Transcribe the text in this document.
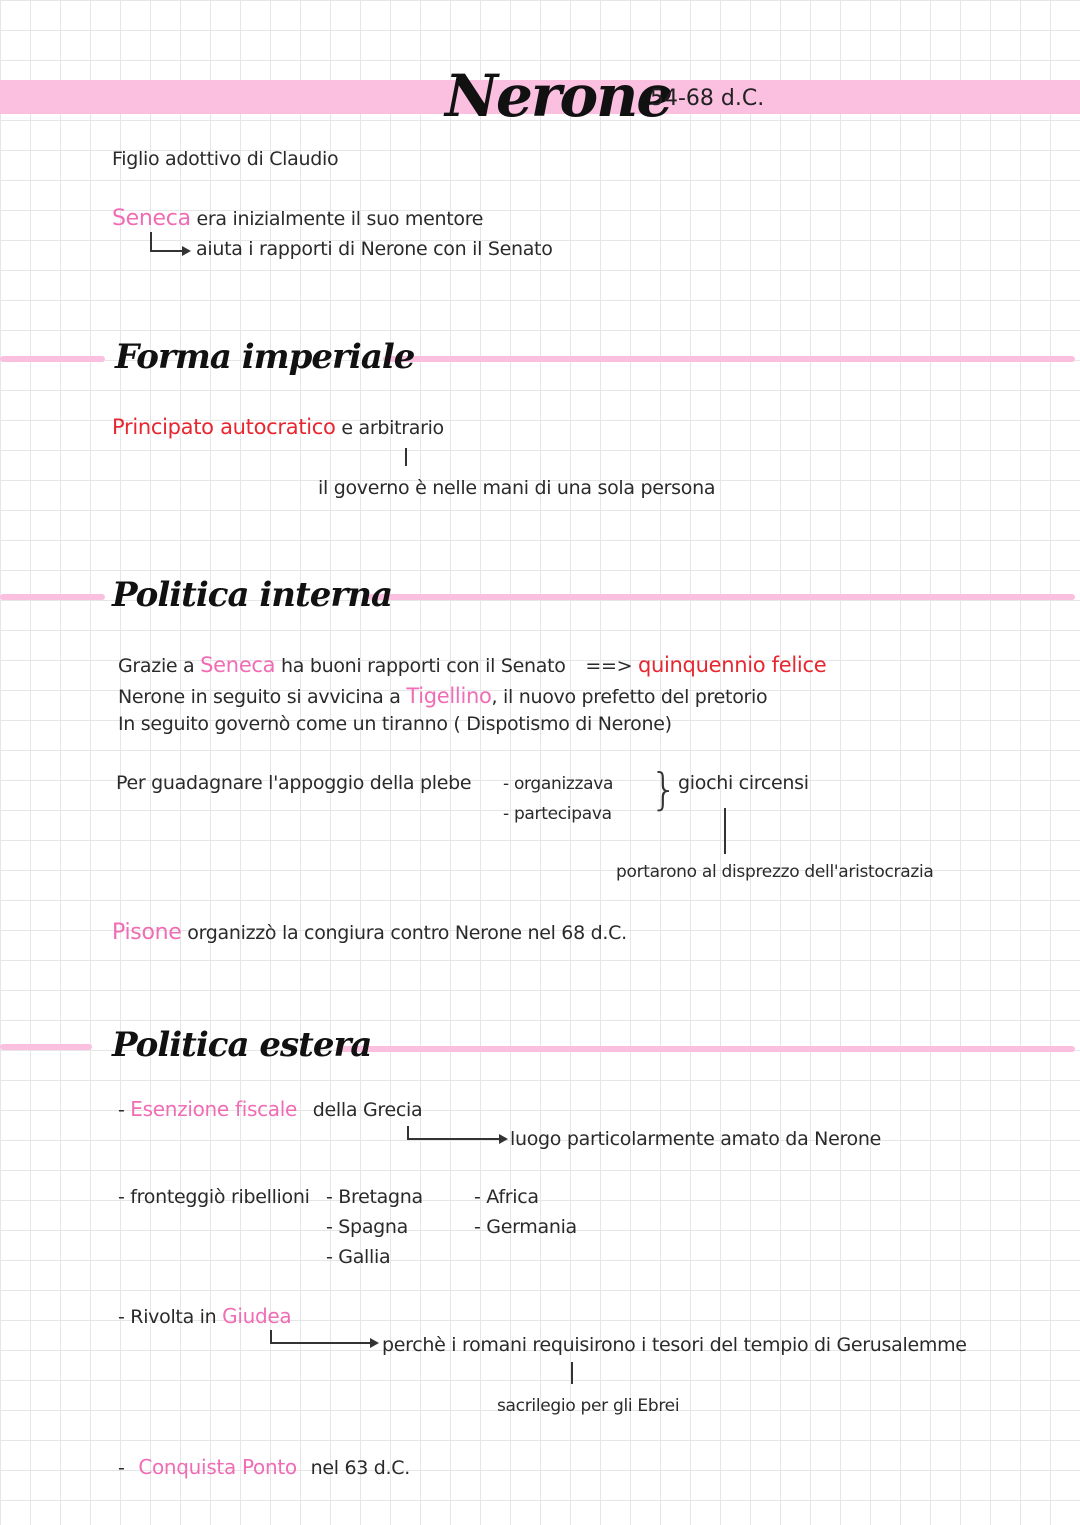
Nerone
54-68 d.C.
Figlio adottivo di Claudio
Seneca era inizialmente il suo mentore
aiuta i rapporti di Nerone con il Senato
Forma imperiale
Principato autocratico e arbitrario
il governo è nelle mani di una sola persona
Politica interna
Grazie a Seneca ha buoni rapporti con il Senato ==> quinquennio felice
Nerone in seguito si avvicina a Tigellino, il nuovo prefetto del pretorio
In seguito governò come un tiranno ( Dispotismo di Nerone)
Per guadagnare l'appoggio della plebe - organizzava
- partecipava } giochi circensi
portarono al disprezzo dell'aristocrazia
Pisone organizzò la congiura contro Nerone nel 68 d.C.
Politica estera
- Esenzione fiscale della Grecia
luogo particolarmente amato da Nerone
- fronteggiò ribellioni - Bretagna
- Spagna
- Gallia
- Africa
- Germania
- Rivolta in Giudea
perchè i romani requisirono i tesori del tempio di Gerusalemme
sacrilegio per gli Ebrei
- Conquista Ponto nel 63 d.C.
